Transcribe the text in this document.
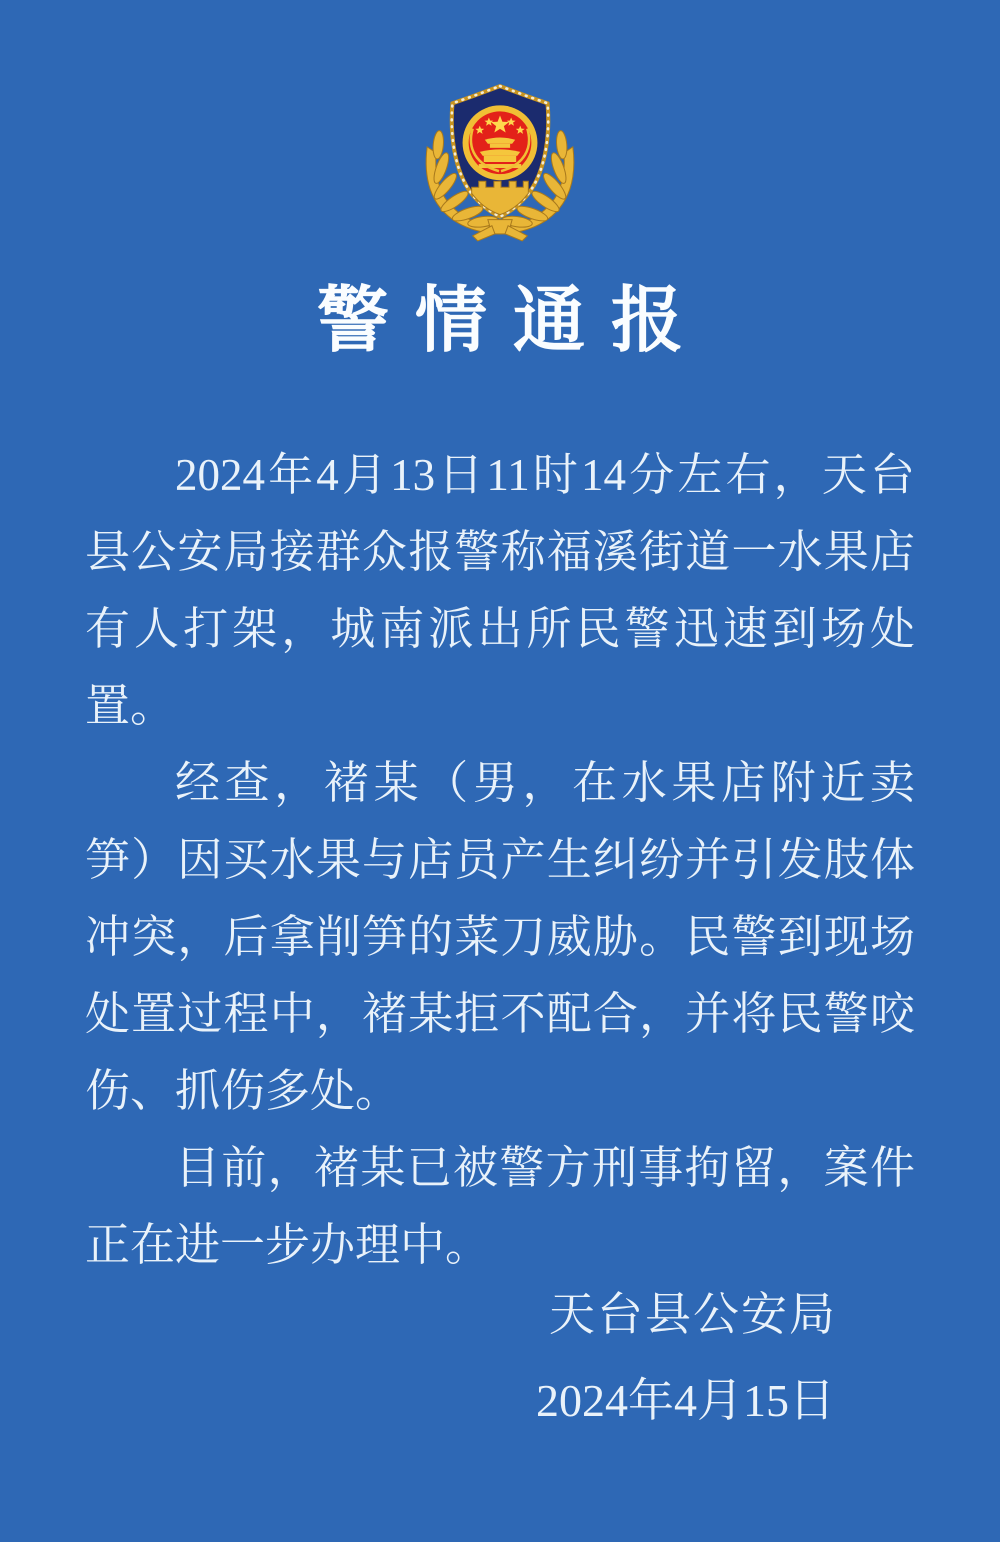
警情通报

2024年4月13日11时14分左右，天台县公安局接群众报警称福溪街道一水果店有人打架，城南派出所民警迅速到场处置。

经查，褚某（男，在水果店附近卖笋）因买水果与店员产生纠纷并引发肢体冲突，后拿削笋的菜刀威胁。民警到现场处置过程中，褚某拒不配合，并将民警咬伤、抓伤多处。

目前，褚某已被警方刑事拘留，案件正在进一步办理中。

天台县公安局
2024年4月15日
